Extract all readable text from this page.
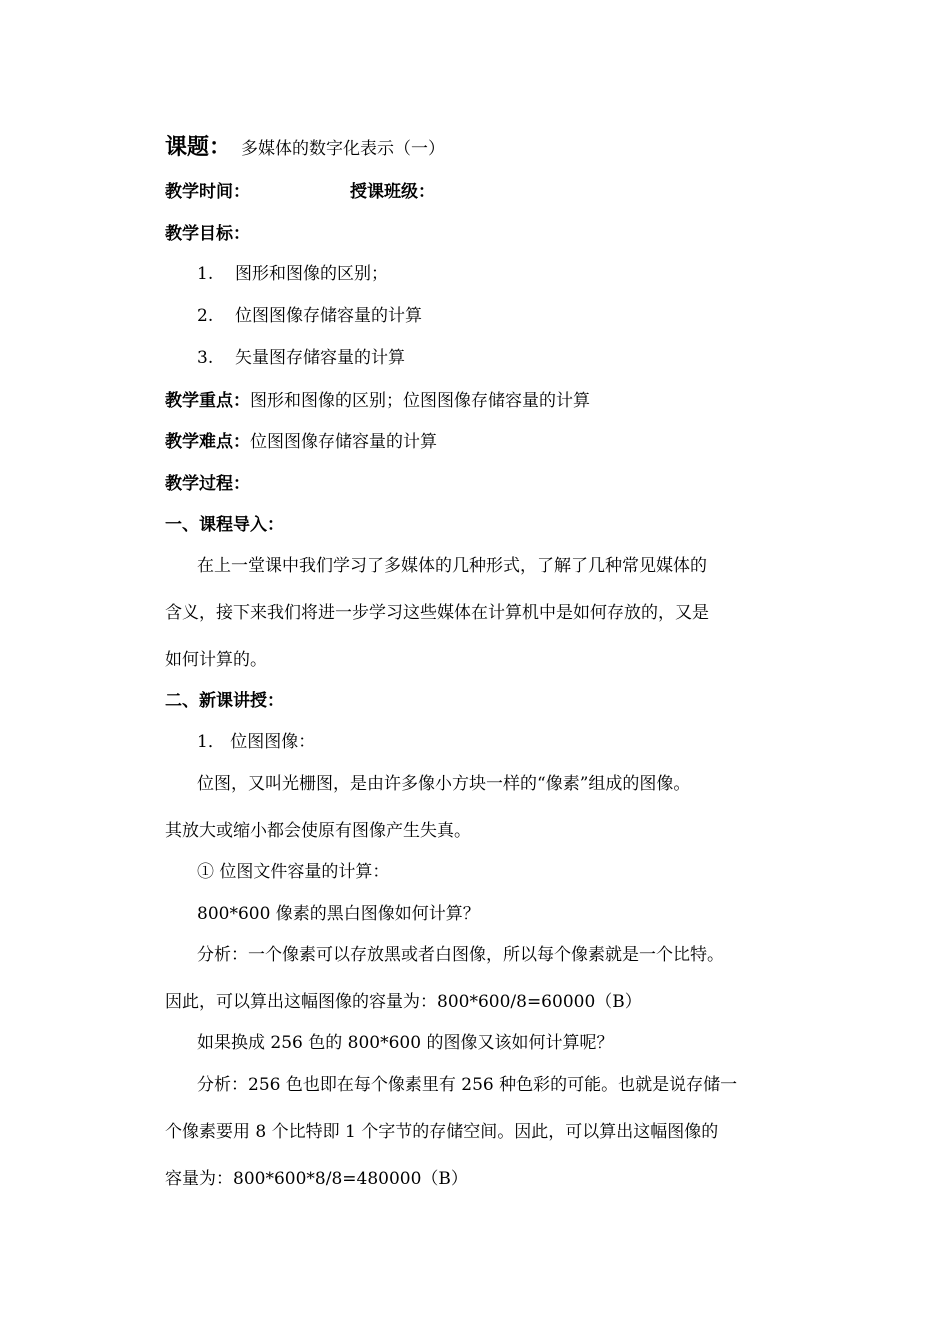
课题： 多媒体的数字化表示（一）
教学时间：	授课班级：
教学目标：
1. 图形和图像的区别；
2. 位图图像存储容量的计算
3. 矢量图存储容量的计算
教学重点：图形和图像的区别；位图图像存储容量的计算
教学难点：位图图像存储容量的计算
教学过程：
一、课程导入：
在上一堂课中我们学习了多媒体的几种形式，了解了几种常见媒体的
含义，接下来我们将进一步学习这些媒体在计算机中是如何存放的，又是
如何计算的。
二、新课讲授：
1． 位图图像：
位图，又叫光栅图，是由许多像小方块一样的“像素”组成的图像。
其放大或缩小都会使原有图像产生失真。
① 位图文件容量的计算：
800*600 像素的黑白图像如何计算？
分析：一个像素可以存放黑或者白图像，所以每个像素就是一个比特。
因此，可以算出这幅图像的容量为：800*600/8=60000（B）
如果换成 256 色的 800*600 的图像又该如何计算呢？
分析：256 色也即在每个像素里有 256 种色彩的可能。也就是说存储一
个像素要用 8 个比特即 1 个字节的存储空间。因此，可以算出这幅图像的
容量为：800*600*8/8=480000（B）
